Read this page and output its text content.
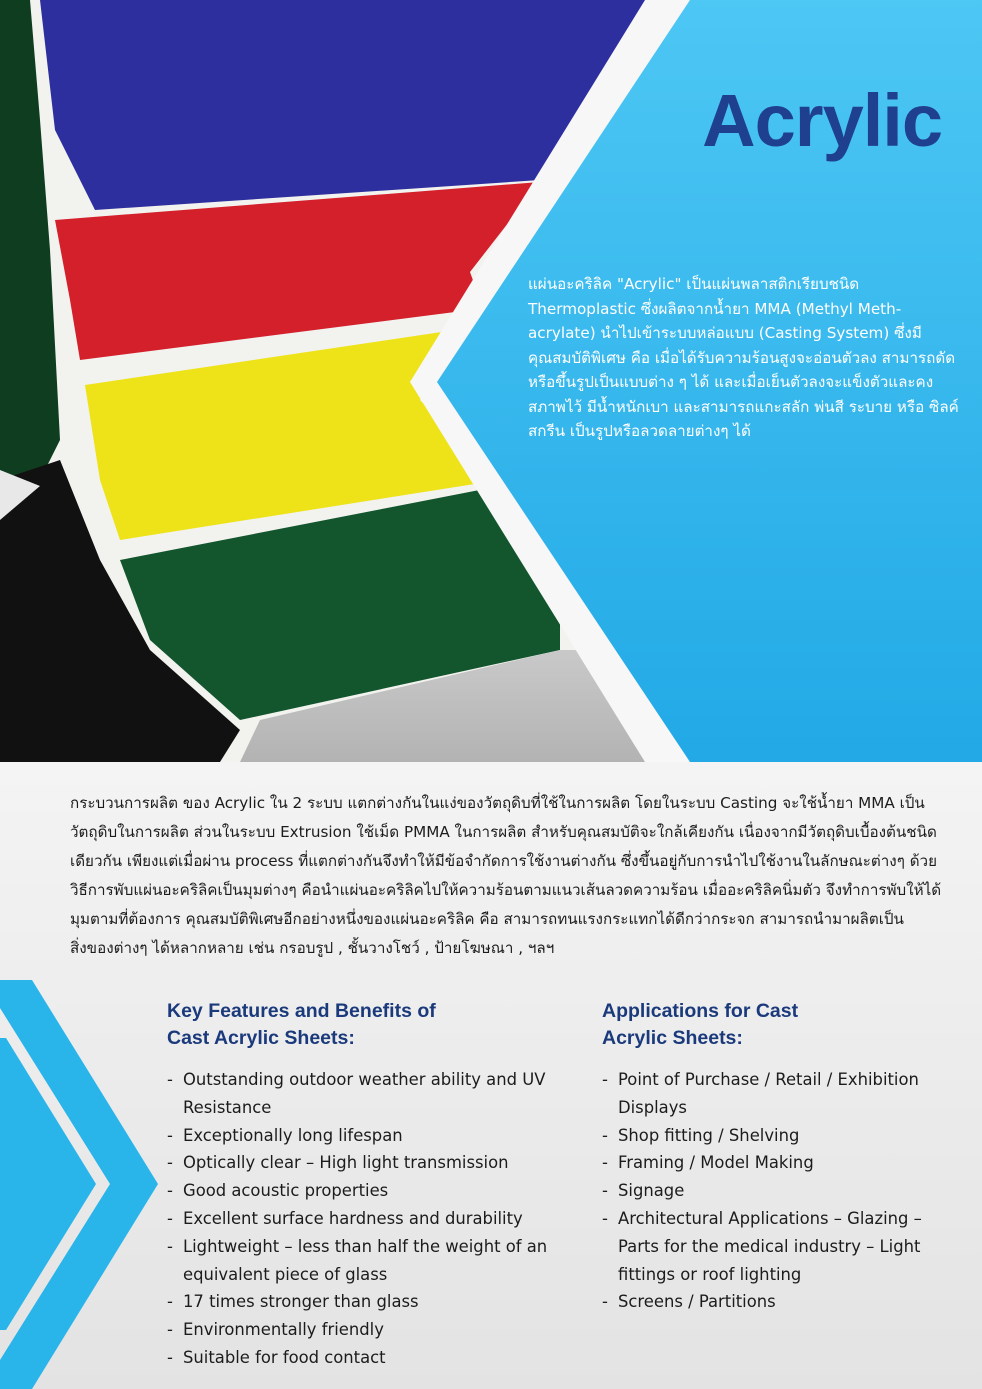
Acrylic

แผ่นอะคริลิค "Acrylic" เป็นแผ่นพลาสติกเรียบชนิด Thermoplastic ซึ่งผลิตจากน้ำยา MMA (Methyl Meth-acrylate) นำไปเข้าระบบหล่อแบบ (Casting System) ซึ่งมีคุณสมบัติพิเศษ คือ เมื่อได้รับความร้อนสูงจะอ่อนตัวลง สามารถดัดหรือขึ้นรูปเป็นแบบต่าง ๆ ได้ และเมื่อเย็นตัวลงจะแข็งตัวและคงสภาพไว้ มีน้ำหนักเบา และสามารถแกะสลัก พ่นสี ระบาย หรือ ซิลค์สกรีน เป็นรูปหรือลวดลายต่างๆ ได้

กระบวนการผลิต ของ Acrylic ใน 2 ระบบ แตกต่างกันในแง่ของวัตถุดิบที่ใช้ในการผลิต โดยในระบบ Casting จะใช้น้ำยา MMA เป็นวัตถุดิบในการผลิต ส่วนในระบบ Extrusion ใช้เม็ด PMMA ในการผลิต สำหรับคุณสมบัติจะใกล้เคียงกัน เนื่องจากมีวัตถุดิบเบื้องต้นชนิดเดียวกัน เพียงแต่เมื่อผ่าน process ที่แตกต่างกันจึงทำให้มีข้อจำกัดการใช้งานต่างกัน ซึ่งขึ้นอยู่กับการนำไปใช้งานในลักษณะต่างๆ ด้วย วิธีการพับแผ่นอะคริลิคเป็นมุมต่างๆ คือนำแผ่นอะคริลิคไปให้ความร้อนตามแนวเส้นลวดความร้อน เมื่ออะคริลิคนิ่มตัว จึงทำการพับให้ได้มุมตามที่ต้องการ คุณสมบัติพิเศษอีกอย่างหนึ่งของแผ่นอะคริลิค คือ สามารถทนแรงกระแทกได้ดีกว่ากระจก สามารถนำมาผลิตเป็นสิ่งของต่างๆ ได้หลากหลาย เช่น กรอบรูป , ชั้นวางโชว์ , ป้ายโฆษณา , ฯลฯ

Key Features and Benefits of
Cast Acrylic Sheets:
- Outstanding outdoor weather ability and UV Resistance
- Exceptionally long lifespan
- Optically clear – High light transmission
- Good acoustic properties
- Excellent surface hardness and durability
- Lightweight – less than half the weight of an equivalent piece of glass
- 17 times stronger than glass
- Environmentally friendly
- Suitable for food contact
Applications for Cast
Acrylic Sheets:
- Point of Purchase / Retail / Exhibition Displays
- Shop fitting / Shelving
- Framing / Model Making
- Signage
- Architectural Applications – Glazing – Parts for the medical industry – Light fittings or roof lighting
- Screens / Partitions
